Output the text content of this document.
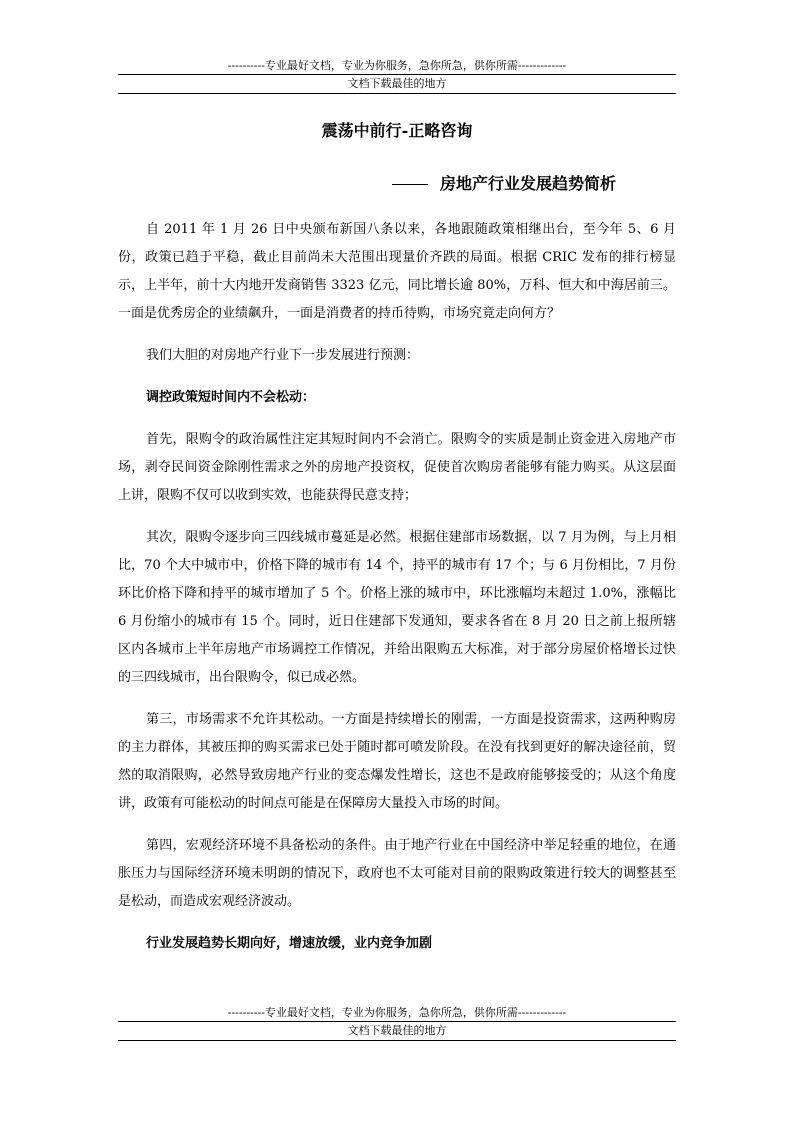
----------专业最好文档，专业为你服务，急你所急，供你所需-------------
文档下载最佳的地方
震荡中前行-正略咨询
房地产行业发展趋势简析

自 2011 年 1 月 26 日中央颁布新国八条以来，各地跟随政策相继出台，至今年 5、6 月份，政策已趋于平稳，截止目前尚未大范围出现量价齐跌的局面。根据 CRIC 发布的排行榜显示，上半年，前十大内地开发商销售 3323 亿元，同比增长逾 80%，万科、恒大和中海居前三。一面是优秀房企的业绩飙升，一面是消费者的持币待购，市场究竟走向何方？

我们大胆的对房地产行业下一步发展进行预测：

调控政策短时间内不会松动：

首先，限购令的政治属性注定其短时间内不会消亡。限购令的实质是制止资金进入房地产市场，剥夺民间资金除刚性需求之外的房地产投资权，促使首次购房者能够有能力购买。从这层面上讲，限购不仅可以收到实效，也能获得民意支持；

其次，限购令逐步向三四线城市蔓延是必然。根据住建部市场数据，以 7 月为例，与上月相比，70 个大中城市中，价格下降的城市有 14 个，持平的城市有 17 个；与 6 月份相比，7 月份环比价格下降和持平的城市增加了 5 个。价格上涨的城市中，环比涨幅均未超过 1.0%，涨幅比 6 月份缩小的城市有 15 个。同时，近日住建部下发通知，要求各省在 8 月 20 日之前上报所辖区内各城市上半年房地产市场调控工作情况，并给出限购五大标准，对于部分房屋价格增长过快的三四线城市，出台限购令，似已成必然。

第三，市场需求不允许其松动。一方面是持续增长的刚需，一方面是投资需求，这两种购房的主力群体，其被压抑的购买需求已处于随时都可喷发阶段。在没有找到更好的解决途径前，贸然的取消限购，必然导致房地产行业的变态爆发性增长，这也不是政府能够接受的；从这个角度讲，政策有可能松动的时间点可能是在保障房大量投入市场的时间。

第四，宏观经济环境不具备松动的条件。由于地产行业在中国经济中举足轻重的地位，在通胀压力与国际经济环境未明朗的情况下，政府也不太可能对目前的限购政策进行较大的调整甚至是松动，而造成宏观经济波动。

行业发展趋势长期向好，增速放缓，业内竞争加剧

----------专业最好文档，专业为你服务，急你所急，供你所需-------------
文档下载最佳的地方
